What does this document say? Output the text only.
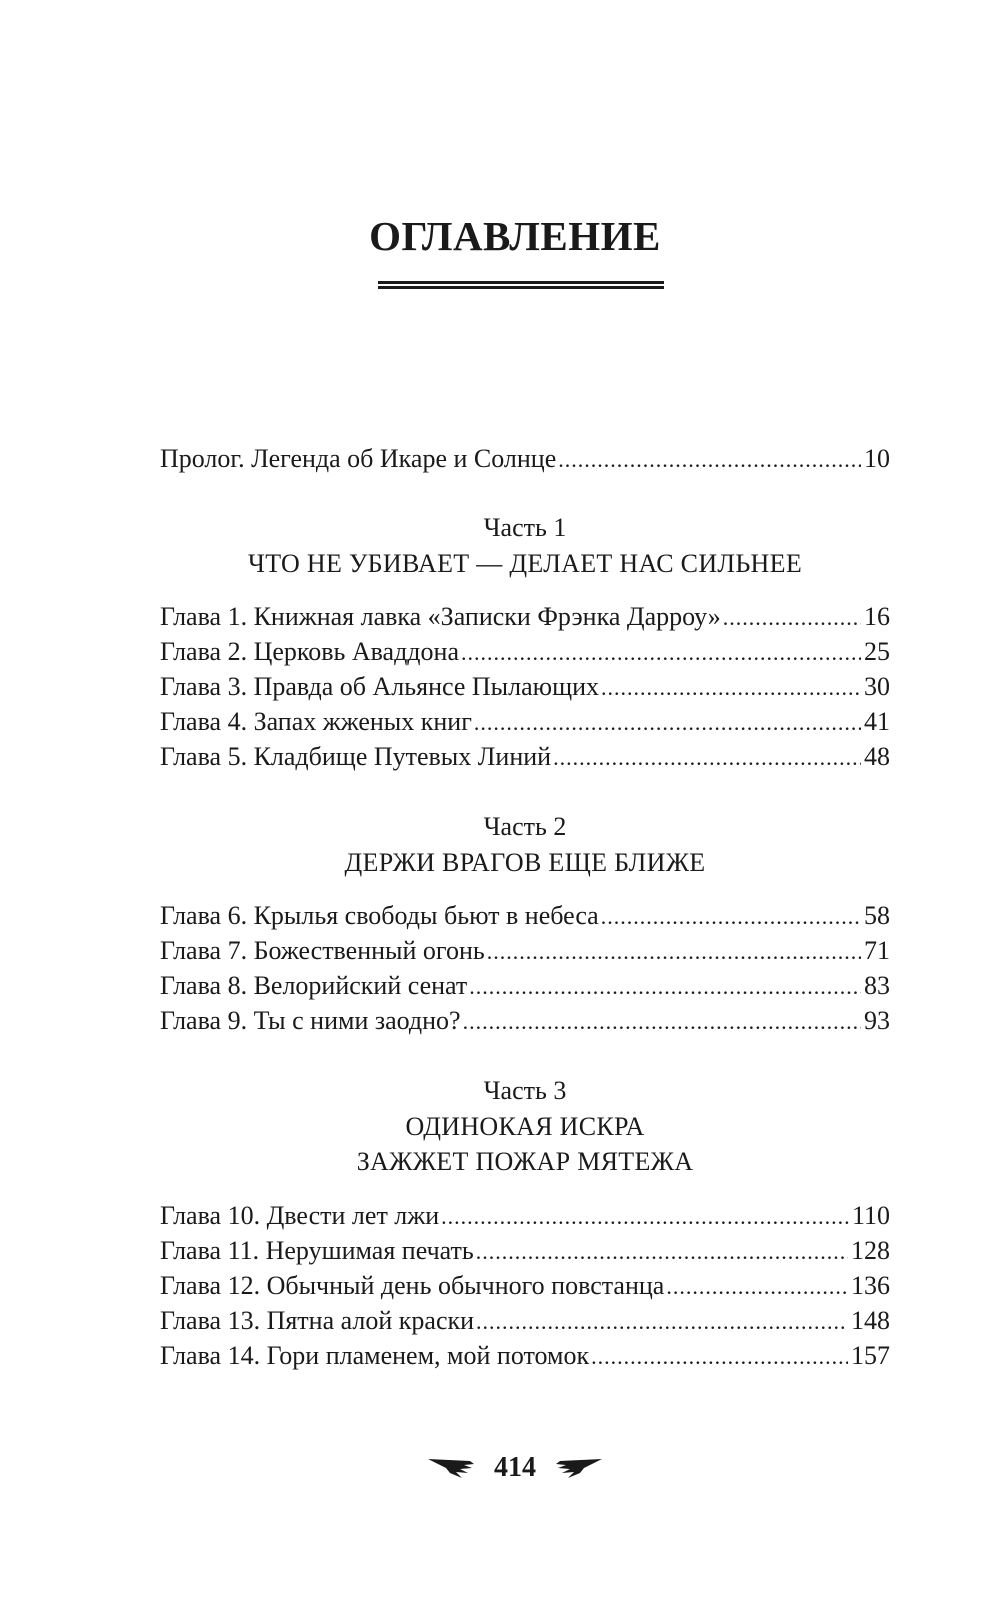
ОГЛАВЛЕНИЕ
Пролог. Легенда об Икаре и Солнце .....	10
Часть 1
ЧТО НЕ УБИВАЕТ — ДЕЛАЕТ НАС СИЛЬНЕЕ
Глава 1. Книжная лавка «Записки Фрэнка Дарроу» .....	16
Глава 2. Церковь Аваддона .....	25
Глава 3. Правда об Альянсе Пылающих .....	30
Глава 4. Запах жженых книг .....	41
Глава 5. Кладбище Путевых Линий .....	48
Часть 2
ДЕРЖИ ВРАГОВ ЕЩЕ БЛИЖЕ
Глава 6. Крылья свободы бьют в небеса .....	58
Глава 7. Божественный огонь .....	71
Глава 8. Велорийский сенат .....	83
Глава 9. Ты с ними заодно? .....	93
Часть 3
ОДИНОКАЯ ИСКРА
ЗАЖЖЕТ ПОЖАР МЯТЕЖА
Глава 10. Двести лет лжи .....	110
Глава 11. Нерушимая печать .....	128
Глава 12. Обычный день обычного повстанца .....	136
Глава 13. Пятна алой краски .....	148
Глава 14. Гори пламенем, мой потомок .....	157
414
